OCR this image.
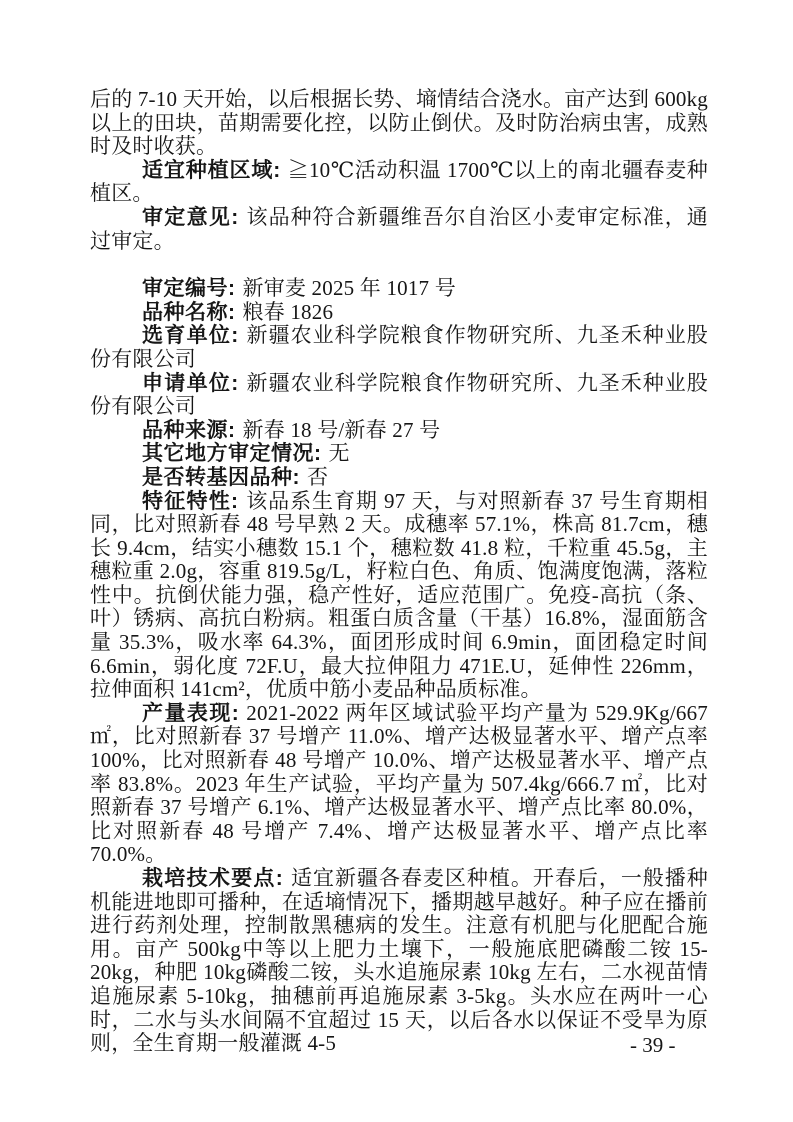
后的 7-10 天开始，以后根据长势、墒情结合浇水。亩产达到 600kg以上的田块，苗期需要化控，以防止倒伏。及时防治病虫害，成熟时及时收获。

适宜种植区域: ≧10℃活动积温 1700℃以上的南北疆春麦种植区。

审定意见: 该品种符合新疆维吾尔自治区小麦审定标准，通过审定。

审定编号: 新审麦 2025 年 1017 号

品种名称: 粮春 1826

选育单位: 新疆农业科学院粮食作物研究所、九圣禾种业股份有限公司

申请单位: 新疆农业科学院粮食作物研究所、九圣禾种业股份有限公司

品种来源: 新春 18 号/新春 27 号

其它地方审定情况: 无

是否转基因品种: 否

特征特性: 该品系生育期 97 天，与对照新春 37 号生育期相同，比对照新春 48 号早熟 2 天。成穗率 57.1%，株高 81.7cm，穗长 9.4cm，结实小穗数 15.1 个，穗粒数 41.8 粒，千粒重 45.5g，主穗粒重 2.0g，容重 819.5g/L，籽粒白色、角质、饱满度饱满，落粒性中。抗倒伏能力强，稳产性好，适应范围广。免疫-高抗（条、叶）锈病、高抗白粉病。粗蛋白质含量（干基）16.8%，湿面筋含量 35.3%，吸水率 64.3%，面团形成时间 6.9min，面团稳定时间 6.6min，弱化度 72F.U，最大拉伸阻力 471E.U，延伸性 226mm，拉伸面积 141cm²，优质中筋小麦品种品质标准。

产量表现: 2021-2022 两年区域试验平均产量为 529.9Kg/667 ㎡，比对照新春 37 号增产 11.0%、增产达极显著水平、增产点率 100%，比对照新春 48 号增产 10.0%、增产达极显著水平、增产点率 83.8%。2023 年生产试验，平均产量为 507.4kg/666.7 ㎡，比对照新春 37 号增产 6.1%、增产达极显著水平、增产点比率 80.0%，比对照新春 48 号增产 7.4%、增产达极显著水平、增产点比率 70.0%。

栽培技术要点: 适宜新疆各春麦区种植。开春后，一般播种机能进地即可播种，在适墒情况下，播期越早越好。种子应在播前进行药剂处理，控制散黑穗病的发生。注意有机肥与化肥配合施用。亩产 500kg中等以上肥力土壤下，一般施底肥磷酸二铵 15-20kg，种肥 10kg磷酸二铵，头水追施尿素 10kg 左右，二水视苗情追施尿素 5-10kg，抽穗前再追施尿素 3-5kg。头水应在两叶一心时，二水与头水间隔不宜超过 15 天，以后各水以保证不受旱为原则，全生育期一般灌溉 4-5	- 39 -
